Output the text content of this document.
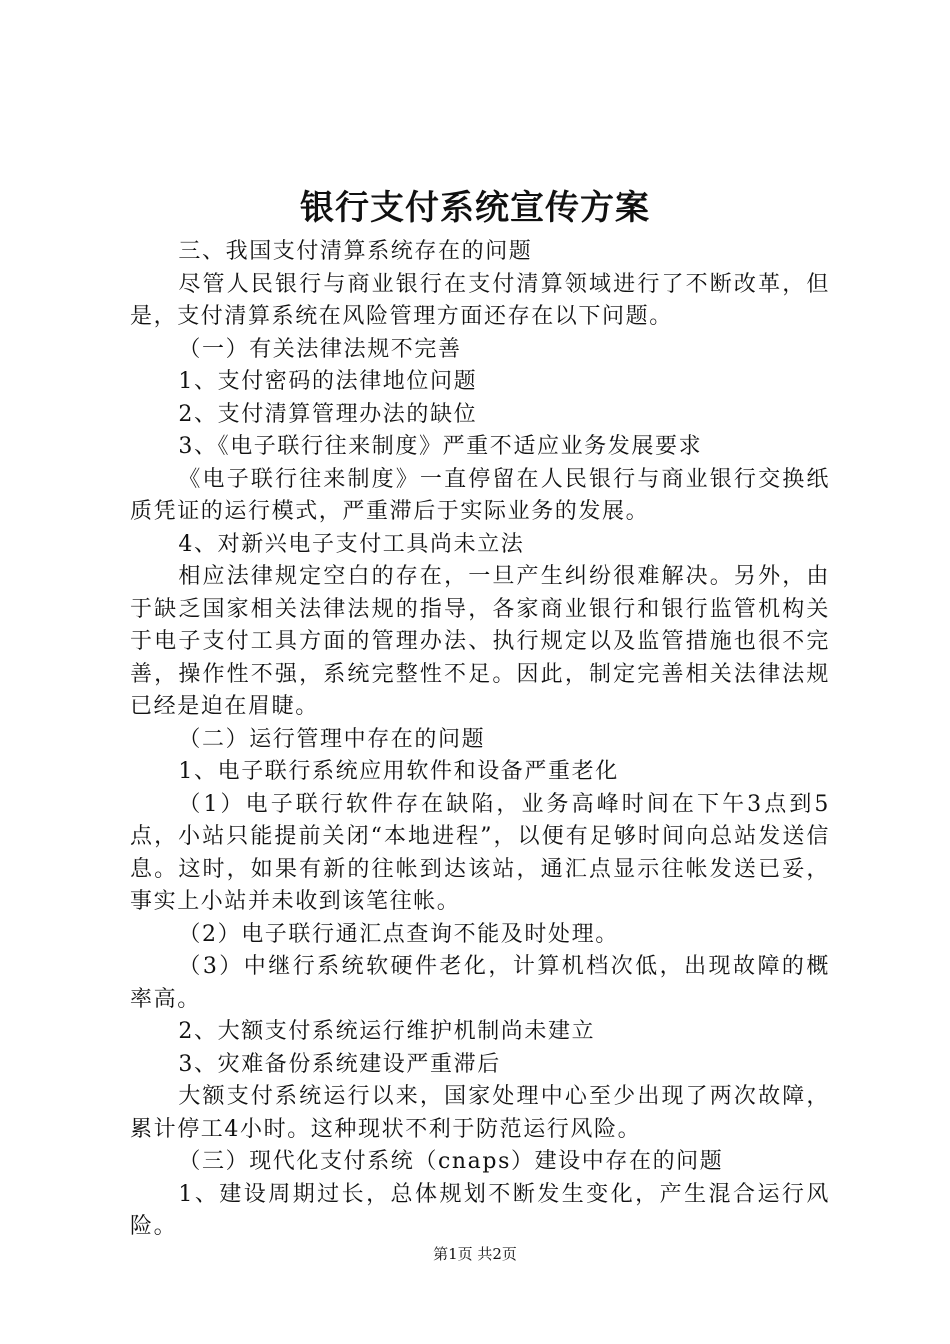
银行支付系统宣传方案

三、我国支付清算系统存在的问题

尽管人民银行与商业银行在支付清算领域进行了不断改革，但是，支付清算系统在风险管理方面还存在以下问题。

（一）有关法律法规不完善

1、支付密码的法律地位问题

2、支付清算管理办法的缺位

3、《电子联行往来制度》严重不适应业务发展要求

《电子联行往来制度》一直停留在人民银行与商业银行交换纸质凭证的运行模式，严重滞后于实际业务的发展。

4、对新兴电子支付工具尚未立法

相应法律规定空白的存在，一旦产生纠纷很难解决。另外，由于缺乏国家相关法律法规的指导，各家商业银行和银行监管机构关于电子支付工具方面的管理办法、执行规定以及监管措施也很不完善，操作性不强，系统完整性不足。因此，制定完善相关法律法规已经是迫在眉睫。

（二）运行管理中存在的问题

1、电子联行系统应用软件和设备严重老化

（1）电子联行软件存在缺陷，业务高峰时间在下午3点到5点，小站只能提前关闭“本地进程”，以便有足够时间向总站发送信息。这时，如果有新的往帐到达该站，通汇点显示往帐发送已妥，事实上小站并未收到该笔往帐。

（2）电子联行通汇点查询不能及时处理。

（3）中继行系统软硬件老化，计算机档次低，出现故障的概率高。

2、大额支付系统运行维护机制尚未建立

3、灾难备份系统建设严重滞后

大额支付系统运行以来，国家处理中心至少出现了两次故障，累计停工4小时。这种现状不利于防范运行风险。

（三）现代化支付系统（cnaps）建设中存在的问题

1、建设周期过长，总体规划不断发生变化，产生混合运行风险。

第1页 共2页
